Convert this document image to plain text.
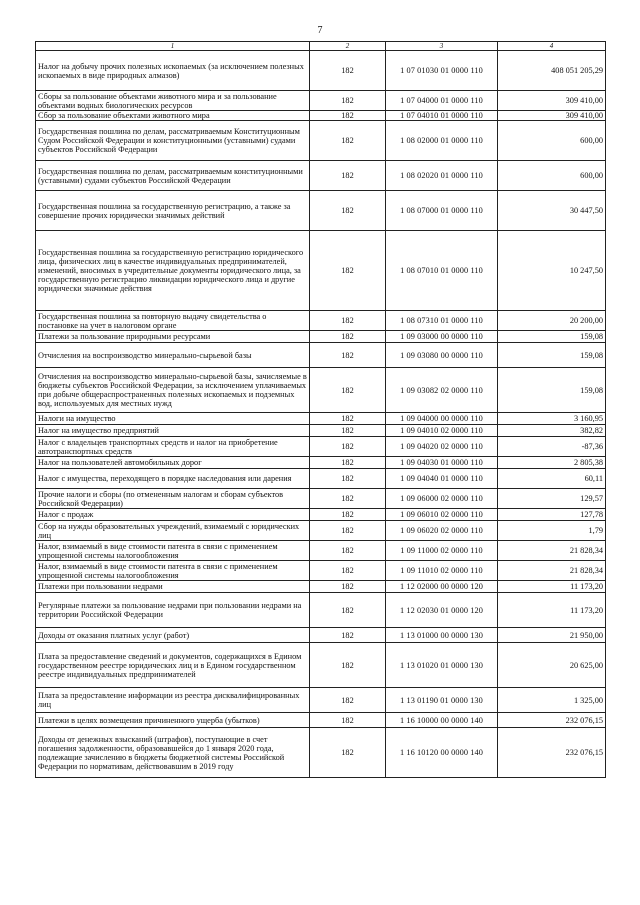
7
1	2	3	4
Налог на добычу прочих полезных ископаемых (за исключением полезных ископаемых в виде природных алмазов)	182	1 07 01030 01 0000 110	408 051 205,29
Сборы за пользование объектами животного мира и за пользование объектами водных биологических ресурсов	182	1 07 04000 01 0000 110	309 410,00
Сбор за пользование объектами животного мира	182	1 07 04010 01 0000 110	309 410,00
Государственная пошлина по делам, рассматриваемым Конституционным Судом Российской Федерации и конституционными (уставными) судами субъектов Российской Федерации	182	1 08 02000 01 0000 110	600,00
Государственная пошлина по делам, рассматриваемым конституционными (уставными) судами субъектов Российской Федерации	182	1 08 02020 01 0000 110	600,00
Государственная пошлина за государственную регистрацию, а также за совершение прочих юридически значимых действий	182	1 08 07000 01 0000 110	30 447,50
Государственная пошлина за государственную регистрацию юридического лица, физических лиц в качестве индивидуальных предпринимателей, изменений, вносимых в учредительные документы юридического лица, за государственную регистрацию ликвидации юридического лица и другие юридически значимые действия	182	1 08 07010 01 0000 110	10 247,50
Государственная пошлина за повторную выдачу свидетельства о постановке на учет в налоговом органе	182	1 08 07310 01 0000 110	20 200,00
Платежи за пользование природными ресурсами	182	1 09 03000 00 0000 110	159,08
Отчисления на воспроизводство минерально-сырьевой базы	182	1 09 03080 00 0000 110	159,08
Отчисления на воспроизводство минерально-сырьевой базы, зачисляемые в бюджеты субъектов Российской Федерации, за исключением уплачиваемых при добыче общераспространенных полезных ископаемых и подземных вод, используемых для местных нужд	182	1 09 03082 02 0000 110	159,08
Налоги на имущество	182	1 09 04000 00 0000 110	3 160,95
Налог на имущество предприятий	182	1 09 04010 02 0000 110	382,82
Налог с владельцев транспортных средств и налог на приобретение автотранспортных средств	182	1 09 04020 02 0000 110	-87,36
Налог на пользователей автомобильных дорог	182	1 09 04030 01 0000 110	2 805,38
Налог с имущества, переходящего в порядке наследования или дарения	182	1 09 04040 01 0000 110	60,11
Прочие налоги и сборы (по отмененным налогам и сборам субъектов Российской Федерации)	182	1 09 06000 02 0000 110	129,57
Налог с продаж	182	1 09 06010 02 0000 110	127,78
Сбор на нужды образовательных учреждений, взимаемый с юридических лиц	182	1 09 06020 02 0000 110	1,79
Налог, взимаемый в виде стоимости патента в связи с применением упрощенной системы налогообложения	182	1 09 11000 02 0000 110	21 828,34
Налог, взимаемый в виде стоимости патента в связи с применением упрощенной системы налогообложения	182	1 09 11010 02 0000 110	21 828,34
Платежи при пользовании недрами	182	1 12 02000 00 0000 120	11 173,20
Регулярные платежи за пользование недрами при пользовании недрами на территории Российской Федерации	182	1 12 02030 01 0000 120	11 173,20
Доходы от оказания платных услуг (работ)	182	1 13 01000 00 0000 130	21 950,00
Плата за предоставление сведений и документов, содержащихся в Едином государственном реестре юридических лиц и в Едином государственном реестре индивидуальных предпринимателей	182	1 13 01020 01 0000 130	20 625,00
Плата за предоставление информации из реестра дисквалифицированных лиц	182	1 13 01190 01 0000 130	1 325,00
Платежи в целях возмещения причиненного ущерба (убытков)	182	1 16 10000 00 0000 140	232 076,15
Доходы от денежных взысканий (штрафов), поступающие в счет погашения задолженности, образовавшейся до 1 января 2020 года, подлежащие зачислению в бюджеты бюджетной системы Российской Федерации по нормативам, действовавшим в 2019 году	182	1 16 10120 00 0000 140	232 076,15
